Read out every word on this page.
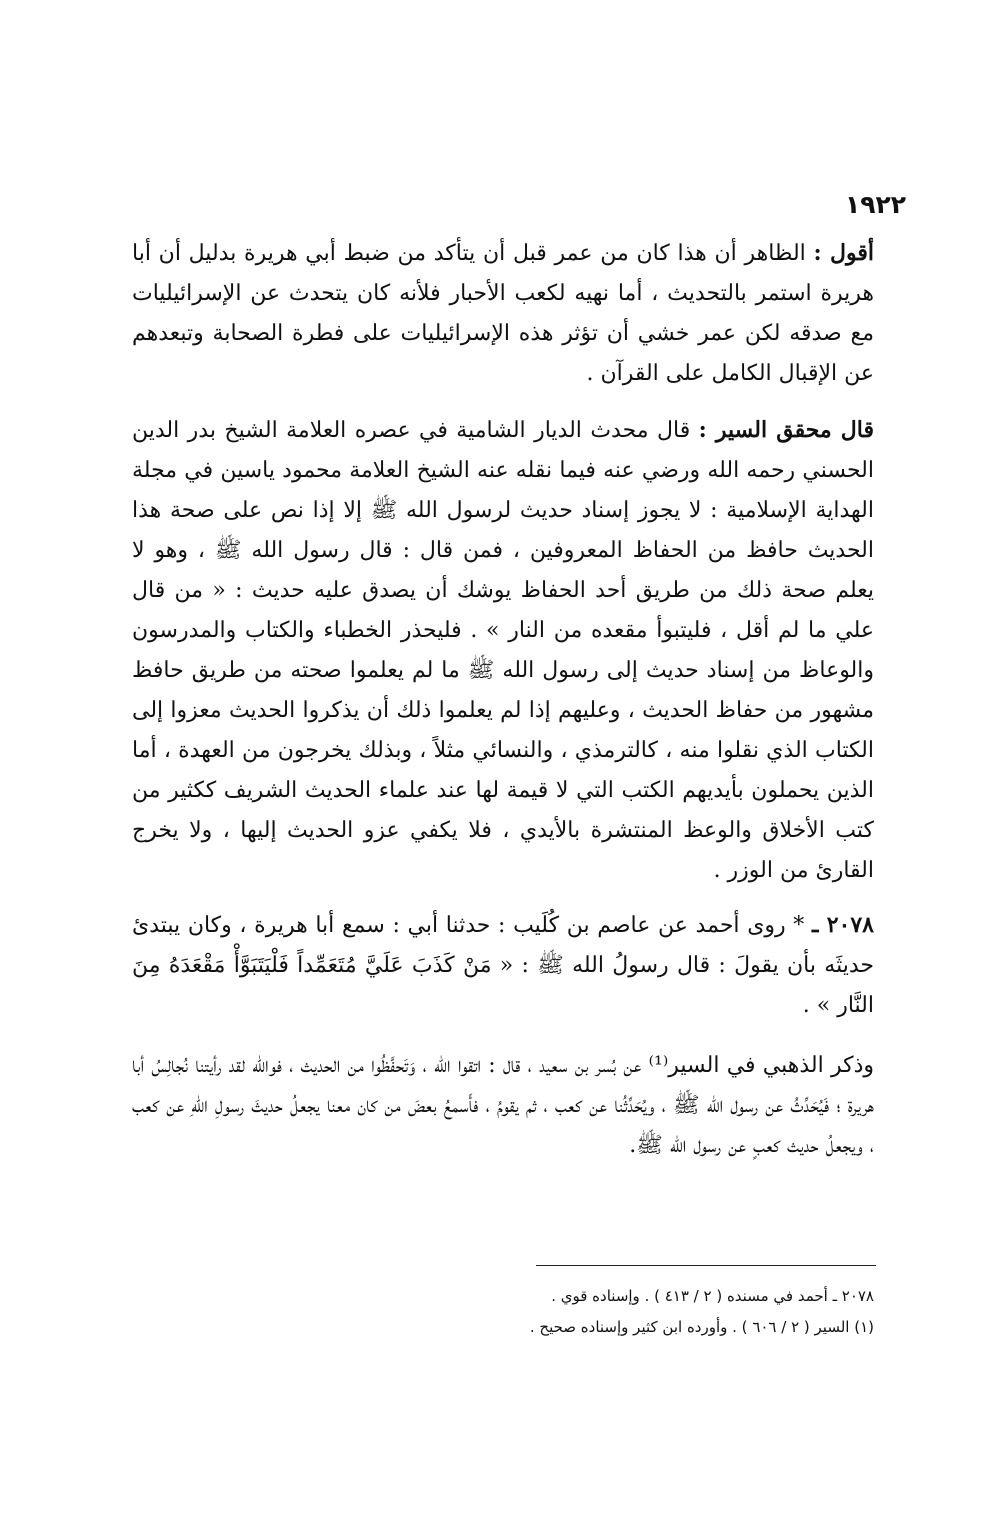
١٩٢٢

أقول : الظاهر أن هذا كان من عمر قبل أن يتأكد من ضبط أبي هريرة بدليل أن أبا هريرة استمر بالتحديث ، أما نهيه لكعب الأحبار فلأنه كان يتحدث عن الإسرائيليات مع صدقه لكن عمر خشي أن تؤثر هذه الإسرائيليات على فطرة الصحابة وتبعدهم عن الإقبال الكامل على القرآن .

قال محقق السير : قال محدث الديار الشامية في عصره العلامة الشيخ بدر الدين الحسني رحمه الله ورضي عنه فيما نقله عنه الشيخ العلامة محمود ياسين في مجلة الهداية الإسلامية : لا يجوز إسناد حديث لرسول الله ﷺ إلا إذا نص على صحة هذا الحديث حافظ من الحفاظ المعروفين ، فمن قال : قال رسول الله ﷺ ، وهو لا يعلم صحة ذلك من طريق أحد الحفاظ يوشك أن يصدق عليه حديث : « من قال علي ما لم أقل ، فليتبوأ مقعده من النار » . فليحذر الخطباء والكتاب والمدرسون والوعاظ من إسناد حديث إلى رسول الله ﷺ ما لم يعلموا صحته من طريق حافظ مشهور من حفاظ الحديث ، وعليهم إذا لم يعلموا ذلك أن يذكروا الحديث معزوا إلى الكتاب الذي نقلوا منه ، كالترمذي ، والنسائي مثلاً ، وبذلك يخرجون من العهدة ، أما الذين يحملون بأيديهم الكتب التي لا قيمة لها عند علماء الحديث الشريف ككثير من كتب الأخلاق والوعظ المنتشرة بالأيدي ، فلا يكفي عزو الحديث إليها ، ولا يخرج القارئ من الوزر .

٢٠٧٨ ـ * روى أحمد عن عاصم بن كُلَيب : حدثنا أبي : سمع أبا هريرة ، وكان يبتدئ حديثَه بأن يقولَ : قال رسولُ الله ﷺ : « مَنْ كَذَبَ عَلَيَّ مُتَعَمِّداً فَلْيَتَبَوَّأْ مَقْعَدَهُ مِنَ النَّار » .

وذكر الذهبي في السير⁽¹⁾ عن بُسر بن سعيد ، قال : اتقوا الله ، وَتَحفَّظُوا من الحديث ، فوالله لقد رأيتنا نُجالِسُ أبا هريرة ؛ فَيُحَدِّثُ عن رسول الله ﷺ ، ويُحَدِّثُنا عن كعب ، ثم يقومُ ، فأَسمعُ بعضَ من كان معنا يجعلُ حديثَ رسولِ اللهِ عن كعب ، ويجعلُ حديث كعبٍ عن رسول الله ﷺ.

٢٠٧٨ ـ أحمد في مسنده ( ٢ / ٤١٣ ) . وإسناده قوي .

(١) السير ( ٢ / ٦٠٦ ) . وأورده ابن كثير وإسناده صحيح .
